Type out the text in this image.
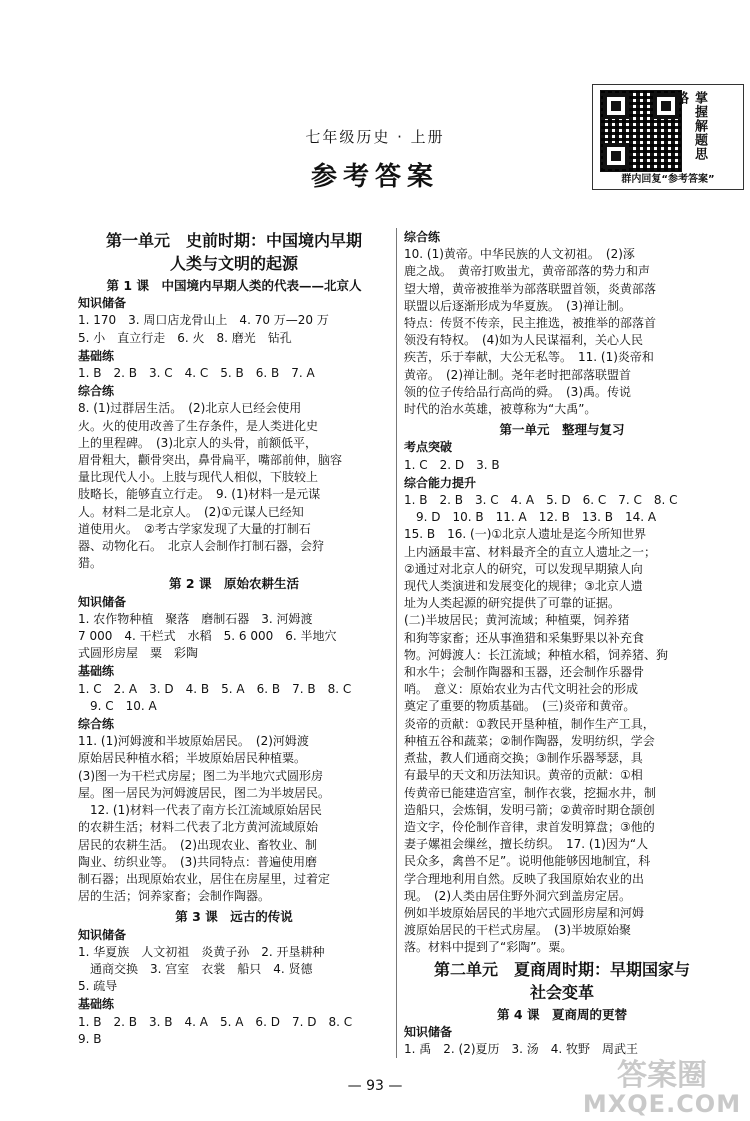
七年级历史 · 上册
参考答案
掌握解题思路
群内回复“参考答案”
第一单元　史前时期：中国境内早期
人类与文明的起源
第 1 课　中国境内早期人类的代表——北京人
知识储备
1. 170　3. 周口店龙骨山上　4. 70 万—20 万
5. 小　直立行走　6. 火　8. 磨光　钻孔
基础练
1. B　2. B　3. C　4. C　5. B　6. B　7. A
综合练
8. (1)过群居生活。　(2)北京人已经会使用
火。火的使用改善了生存条件，是人类进化史
上的里程碑。　(3)北京人的头骨，前额低平，
眉骨粗大，颧骨突出，鼻骨扁平，嘴部前伸，脑容
量比现代人小。上肢与现代人相似，下肢较上
肢略长，能够直立行走。　9. (1)材料一是元谋
人。材料二是北京人。　(2)①元谋人已经知
道使用火。　②考古学家发现了大量的打制石
器、动物化石。　北京人会制作打制石器，会狩
猎。
第 2 课　原始农耕生活
知识储备
1. 农作物种植　聚落　磨制石器　3. 河姆渡
7 000　4. 干栏式　水稻　5. 6 000　6. 半地穴
式圆形房屋　粟　彩陶
基础练
1. C　2. A　3. D　4. B　5. A　6. B　7. B　8. C
　9. C　10. A
综合练
11. (1)河姆渡和半坡原始居民。　(2)河姆渡
原始居民种植水稻；半坡原始居民种植粟。
(3)图一为干栏式房屋；图二为半地穴式圆形房
屋。图一居民为河姆渡居民，图二为半坡居民。
　12. (1)材料一代表了南方长江流域原始居民
的农耕生活；材料二代表了北方黄河流域原始
居民的农耕生活。　(2)出现农业、畜牧业、制
陶业、纺织业等。　(3)共同特点：普遍使用磨
制石器；出现原始农业，居住在房屋里，过着定
居的生活；饲养家畜；会制作陶器。
第 3 课　远古的传说
知识储备
1. 华夏族　人文初祖　炎黄子孙　2. 开垦耕种
　通商交换　3. 宫室　衣裳　船只　4. 贤德
5. 疏导
基础练
1. B　2. B　3. B　4. A　5. A　6. D　7. D　8. C
9. B
综合练
10. (1)黄帝。中华民族的人文初祖。　(2)涿
鹿之战。　黄帝打败蚩尤，黄帝部落的势力和声
望大增，黄帝被推举为部落联盟首领，炎黄部落
联盟以后逐渐形成为华夏族。　(3)禅让制。
特点：传贤不传亲，民主推选，被推举的部落首
领没有特权。　(4)如为人民谋福利，关心人民
疾苦，乐于奉献，大公无私等。　11. (1)炎帝和
黄帝。　(2)禅让制。尧年老时把部落联盟首
领的位子传给品行高尚的舜。　(3)禹。传说
时代的治水英雄，被尊称为“大禹”。
第一单元　整理与复习
考点突破
1. C　2. D　3. B
综合能力提升
1. B　2. B　3. C　4. A　5. D　6. C　7. C　8. C
　9. D　10. B　11. A　12. B　13. B　14. A
15. B　16. (一)①北京人遗址是迄今所知世界
上内涵最丰富、材料最齐全的直立人遗址之一；
②通过对北京人的研究，可以发现早期猿人向
现代人类演进和发展变化的规律；③北京人遗
址为人类起源的研究提供了可靠的证据。
(二)半坡居民；黄河流域；种植粟，饲养猪
和狗等家畜；还从事渔猎和采集野果以补充食
物。河姆渡人：长江流域；种植水稻，饲养猪、狗
和水牛；会制作陶器和玉器，还会制作乐器骨
哨。　意义：原始农业为古代文明社会的形成
奠定了重要的物质基础。　(三)炎帝和黄帝。
炎帝的贡献：①教民开垦种植，制作生产工具，
种植五谷和蔬菜；②制作陶器，发明纺织，学会
煮盐，教人们通商交换；③制作乐器琴瑟，具
有最早的天文和历法知识。黄帝的贡献：①相
传黄帝已能建造宫室，制作衣裳，挖掘水井，制
造船只，会炼铜，发明弓箭；②黄帝时期仓颉创
造文字，伶伦制作音律，隶首发明算盘；③他的
妻子嫘祖会缫丝，擅长纺织。　17. (1)因为“人
民众多，禽兽不足”。说明他能够因地制宜，科
学合理地利用自然。反映了我国原始农业的出
现。　(2)人类由居住野外洞穴到盖房定居。
例如半坡原始居民的半地穴式圆形房屋和河姆
渡原始居民的干栏式房屋。　(3)半坡原始聚
落。材料中提到了“彩陶”。粟。
第二单元　夏商周时期：早期国家与
社会变革
第 4 课　夏商周的更替
知识储备
1. 禹　2. (2)夏历　3. 汤　4. 牧野　周武王
— 93 —	答案圈
MXQE.COM
